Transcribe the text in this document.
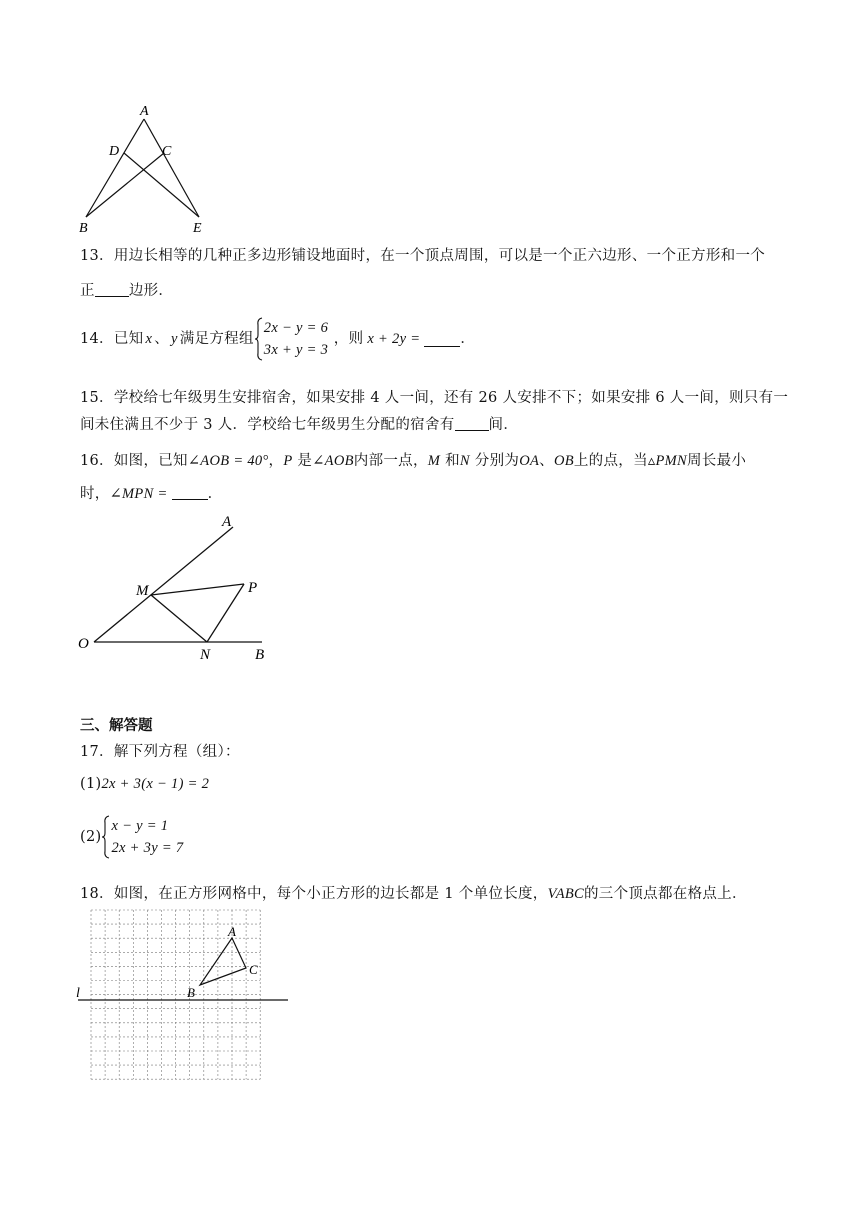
A
D	C
B	E
13．用边长相等的几种正多边形铺设地面时，在一个顶点周围，可以是一个正六边形、一个正方形和一个
正 边形．
14． 已知 x 、 y 满足方程组
2x − y = 6
3x + y = 3
，则 x + 2y =	．
15．学校给七年级男生安排宿舍，如果安排 4 人一间，还有 26 人安排不下；如果安排 6 人一间，则只有一
间未住满且不少于 3 人．学校给七年级男生分配的宿舍有 间．
16．如图，已知∠AOB = 40°，P 是∠AOB内部一点，M 和N 分别为OA、OB上的点，当▵PMN周长最小
时，∠MPN =	．
A
M	P
O
N	B
三、解答题
17．解下列方程（组）：
(1)2x + 3(x − 1) = 2
(2)
x − y = 1
2x + 3y = 7
18．如图，在正方形网格中，每个小正方形的边长都是 1 个单位长度，VABC的三个顶点都在格点上．
A
C
B
l
